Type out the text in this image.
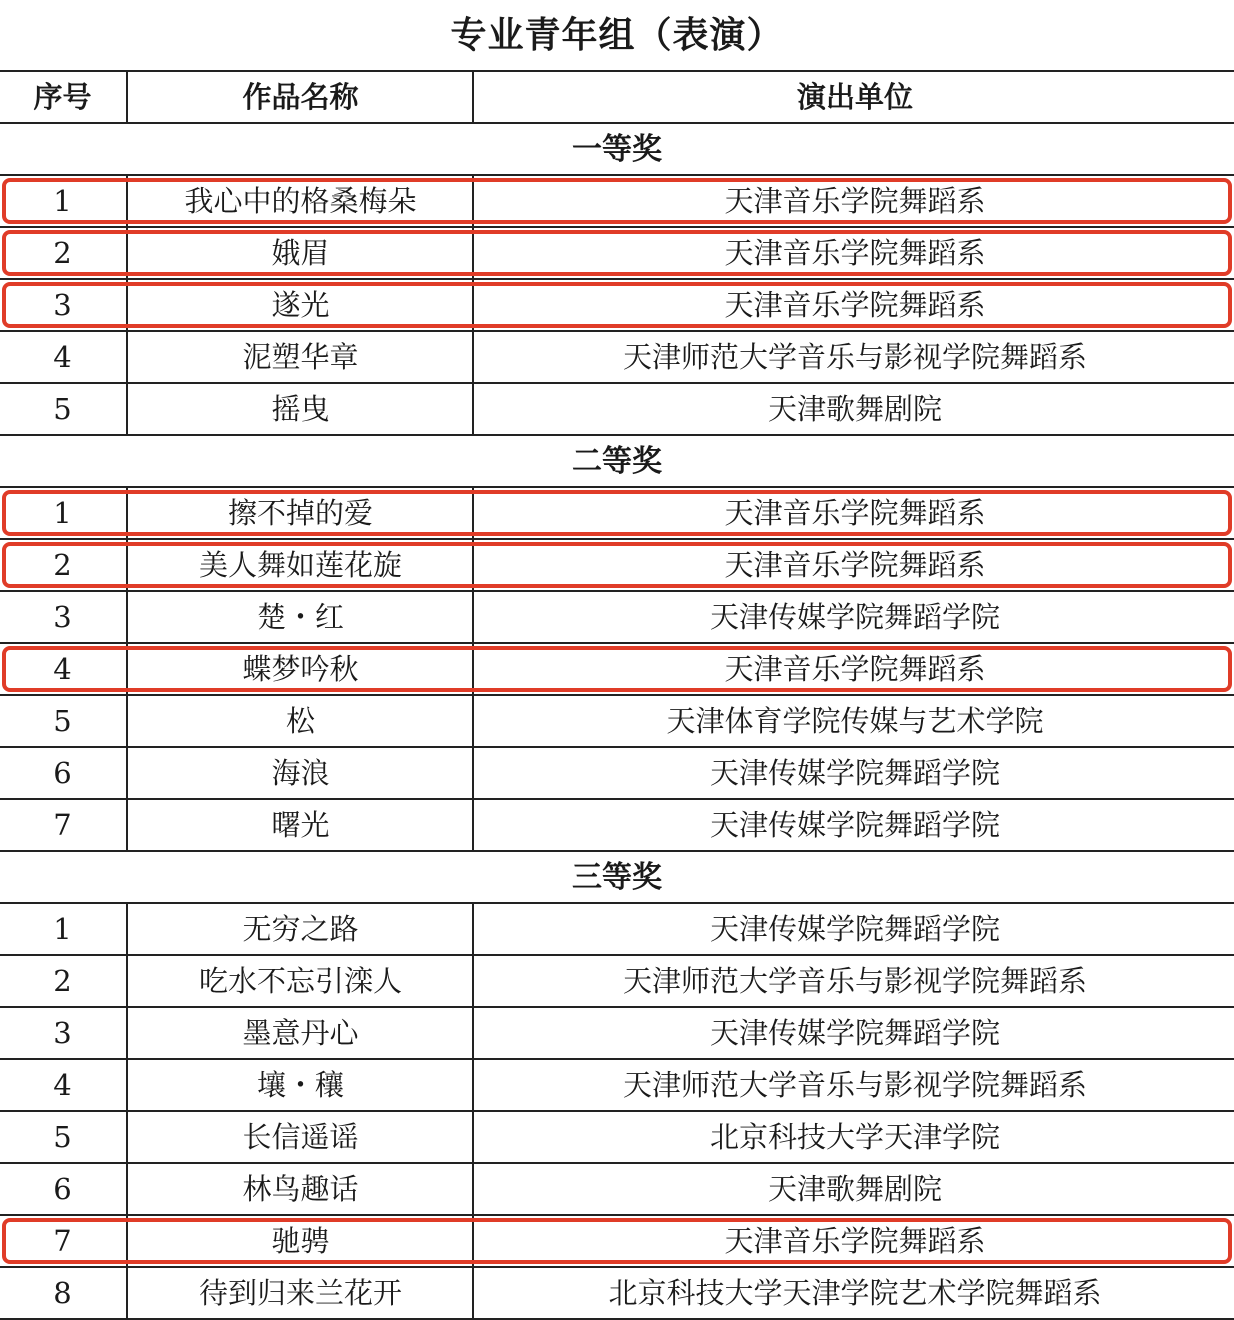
专业青年组（表演）
序号	作品名称	演出单位
一等奖
1	我心中的格桑梅朵	天津音乐学院舞蹈系
2	娥眉	天津音乐学院舞蹈系
3	遂光	天津音乐学院舞蹈系
4	泥塑华章	天津师范大学音乐与影视学院舞蹈系
5	摇曳	天津歌舞剧院
二等奖
1	擦不掉的爱	天津音乐学院舞蹈系
2	美人舞如莲花旋	天津音乐学院舞蹈系
3	楚・红	天津传媒学院舞蹈学院
4	蝶梦吟秋	天津音乐学院舞蹈系
5	松	天津体育学院传媒与艺术学院
6	海浪	天津传媒学院舞蹈学院
7	曙光	天津传媒学院舞蹈学院
三等奖
1	无穷之路	天津传媒学院舞蹈学院
2	吃水不忘引滦人	天津师范大学音乐与影视学院舞蹈系
3	墨意丹心	天津传媒学院舞蹈学院
4	壤・穰	天津师范大学音乐与影视学院舞蹈系
5	长信遥谣	北京科技大学天津学院
6	林鸟趣话	天津歌舞剧院
7	驰骋	天津音乐学院舞蹈系
8	待到归来兰花开	北京科技大学天津学院艺术学院舞蹈系
